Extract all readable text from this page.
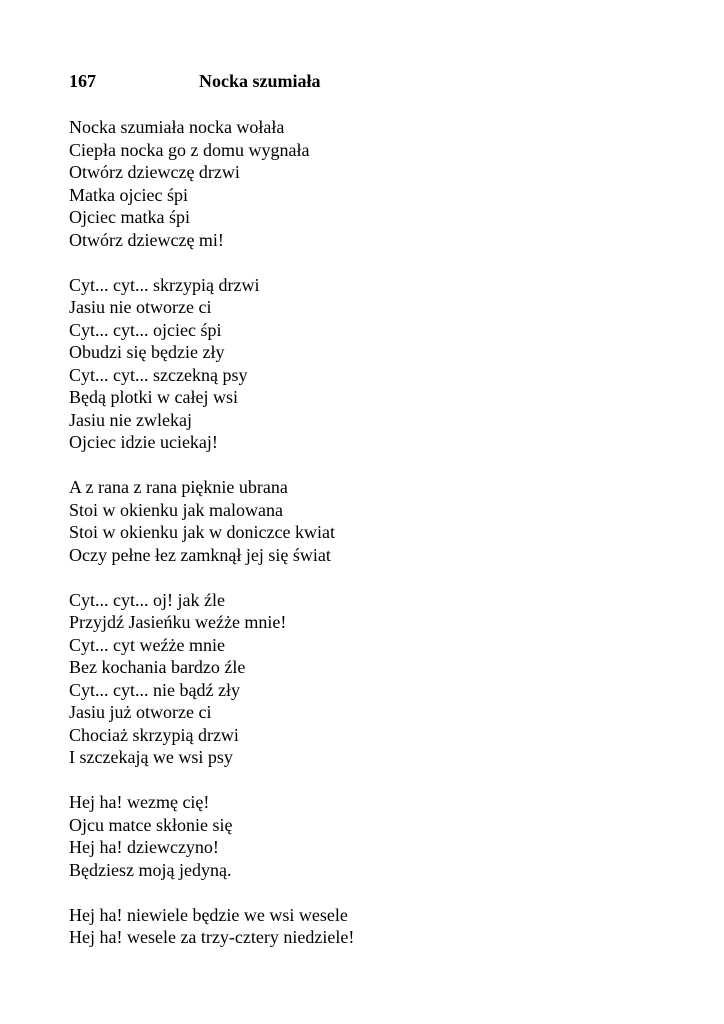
167	Nocka szumiała
Nocka szumiała nocka wołała
Ciepła nocka go z domu wygnała
Otwórz dziewczę drzwi
Matka ojciec śpi
Ojciec matka śpi
Otwórz dziewczę mi!
Cyt... cyt... skrzypią drzwi
Jasiu nie otworze ci
Cyt... cyt... ojciec śpi
Obudzi się będzie zły
Cyt... cyt... szczekną psy
Będą plotki w całej wsi
Jasiu nie zwlekaj
Ojciec idzie uciekaj!
A z rana z rana pięknie ubrana
Stoi w okienku jak malowana
Stoi w okienku jak w doniczce kwiat
Oczy pełne łez zamknął jej się świat
Cyt... cyt... oj! jak źle
Przyjdź Jasieńku weźże mnie!
Cyt... cyt weźże mnie
Bez kochania bardzo źle
Cyt... cyt... nie bądź zły
Jasiu już otworze ci
Chociaż skrzypią drzwi
I szczekają we wsi psy
Hej ha! wezmę cię!
Ojcu matce skłonie się
Hej ha! dziewczyno!
Będziesz moją jedyną.
Hej ha! niewiele będzie we wsi wesele
Hej ha! wesele za trzy-cztery niedziele!
